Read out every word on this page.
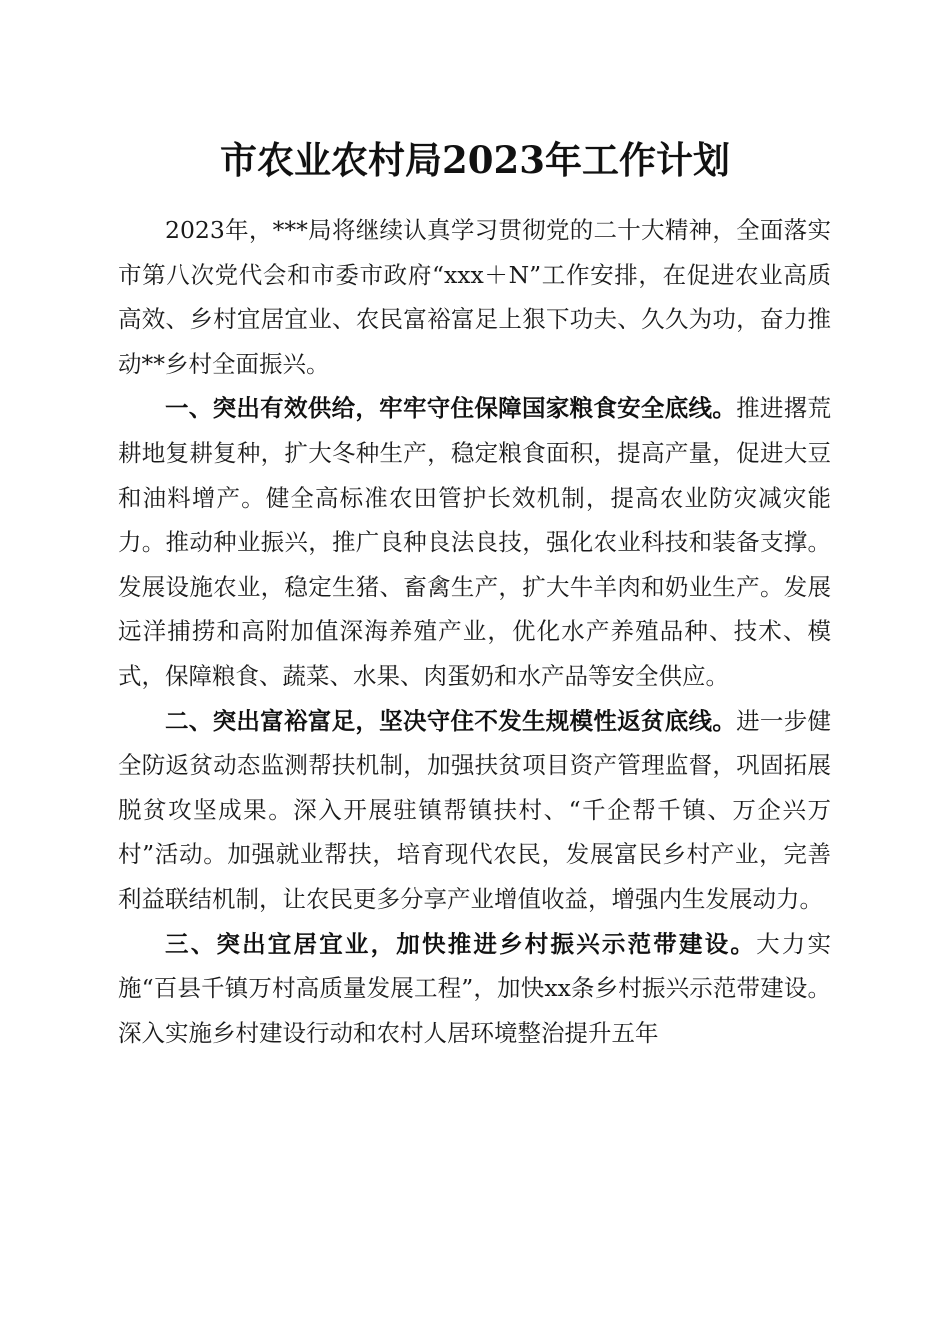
市农业农村局2023年工作计划

2023年，***局将继续认真学习贯彻党的二十大精神，全面落实市第八次党代会和市委市政府“xxx＋N”工作安排，在促进农业高质高效、乡村宜居宜业、农民富裕富足上狠下功夫、久久为功，奋力推动**乡村全面振兴。

一、突出有效供给，牢牢守住保障国家粮食安全底线。推进撂荒耕地复耕复种，扩大冬种生产，稳定粮食面积，提高产量，促进大豆和油料增产。健全高标准农田管护长效机制，提高农业防灾减灾能力。推动种业振兴，推广良种良法良技，强化农业科技和装备支撑。发展设施农业，稳定生猪、畜禽生产，扩大牛羊肉和奶业生产。发展远洋捕捞和高附加值深海养殖产业，优化水产养殖品种、技术、模式，保障粮食、蔬菜、水果、肉蛋奶和水产品等安全供应。

二、突出富裕富足，坚决守住不发生规模性返贫底线。进一步健全防返贫动态监测帮扶机制，加强扶贫项目资产管理监督，巩固拓展脱贫攻坚成果。深入开展驻镇帮镇扶村、“千企帮千镇、万企兴万村”活动。加强就业帮扶，培育现代农民，发展富民乡村产业，完善利益联结机制，让农民更多分享产业增值收益，增强内生发展动力。

三、突出宜居宜业，加快推进乡村振兴示范带建设。大力实施“百县千镇万村高质量发展工程”，加快xx条乡村振兴示范带建设。深入实施乡村建设行动和农村人居环境整治提升五年
